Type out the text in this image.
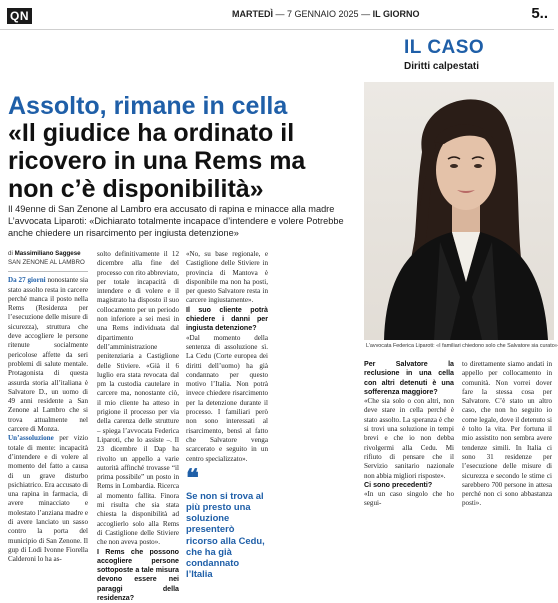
QN	MARTEDÌ — 7 GENNAIO 2025 — IL GIORNO	5..
IL CASO
Diritti calpestati
L’avvocata Federica Liparoti: «I familiari chiedono solo che Salvatore sia curato»
Assolto, rimane in cella
«Il giudice ha ordinato il ricovero in una Rems ma non c’è disponibilità»
Il 49enne di San Zenone al Lambro era accusato di rapina e minacce alla madre L’avvocata Liparoti: «Dichiarato totalmente incapace d’intendere e volere Potrebbe anche chiedere un risarcimento per ingiusta detenzione»
di Massimiliano Saggese
SAN ZENONE AL LAMBRO

Da 27 giorni nonostante sia stato assolto resta in carcere perché manca il posto nella Rems (Residenza per l’esecuzione delle misure di sicurezza), struttura che deve accogliere le persone ritenute socialmente pericolose affette da seri problemi di salute mentale. Protagonista di questa assurda storia all’italiana è Salvatore D., un uomo di 49 anni residente a San Zenone al Lambro che si trova attualmente nel carcere di Monza.

Un’assoluzione per vizio totale di mente: incapacità d’intendere e di volere al momento del fatto a causa di un grave disturbo psichiatrico. Era accusato di una rapina in farmacia, di avere minacciato e molestato l’anziana madre e di avere lanciato un sasso contro la porta del municipio di San Zenone. Il gup di Lodi Ivonne Fiorella Calderoni lo ha as-

solto definitivamente il 12 dicembre alla fine del processo con rito abbreviato, per totale incapacità di intendere e di volere e il magistrato ha disposto il suo collocamento per un periodo non inferiore a sei mesi in una Rems individuata dal dipartimento dell’amministrazione penitenziaria a Castiglione delle Stiviere. «Già il 6 luglio era stata revocata dal pm la custodia cautelare in carcere ma, nonostante ciò, il mio cliente ha atteso in prigione il processo per via della carenza delle strutture – spiega l’avvocata Federica Liparoti, che lo assiste –. Il 23 dicembre il Dap ha rivolto un appello a varie autorità affinché trovasse “il prima possibile” un posto in Rems in Lombardia. Ricerca al momento fallita. Finora mi risulta che sia stata chiesta la disponibilità ad accoglierlo solo alla Rems di Castiglione delle Stiviere che non aveva posto».

I Rems che possono accogliere persone sottoposte a tale misura devono essere nei paraggi della residenza?

«No, su base regionale, e Castiglione delle Stiviere in provincia di Mantova è disponibile ma non ha posti, per questo Salvatore resta in carcere ingiustamente».

Il suo cliente potrà chiedere i danni per ingiusta detenzione?

«Dal momento della sentenza di assoluzione sì. La Cedu (Corte europea dei diritti dell’uomo) ha già condannato per questo motivo l’Italia. Non potrà invece chiedere risarcimento per la detenzione durante il processo. I familiari però non sono interessati al risarcimento, bensì al fatto che Salvatore venga scarcerato e seguito in un centro specializzato».

❝
Se non si trova al più presto una soluzione presenterò ricorso alla Cedu, che ha già condannato l’Italia

Per Salvatore la reclusione in una cella con altri detenuti è una sofferenza maggiore?

«Che sia solo o con altri, non deve stare in cella perché è stato assolto. La speranza è che si trovi una soluzione in tempi brevi e che io non debba rivolgermi alla Cedu. Mi rifiuto di pensare che il Servizio sanitario nazionale non abbia migliori risposte».

Ci sono precedenti?

«In un caso singolo che ho segui-

to direttamente siamo andati in appello per collocamento in comunità. Non vorrei dover fare la stessa cosa per Salvatore. C’è stato un altro caso, che non ho seguito io come legale, dove il detenuto si è tolto la vita. Per fortuna il mio assistito non sembra avere tendenze simili. In Italia ci sono 31 residenze per l’esecuzione delle misure di sicurezza e secondo le stime ci sarebbero 700 persone in attesa perché non ci sono abbastanza posti».
